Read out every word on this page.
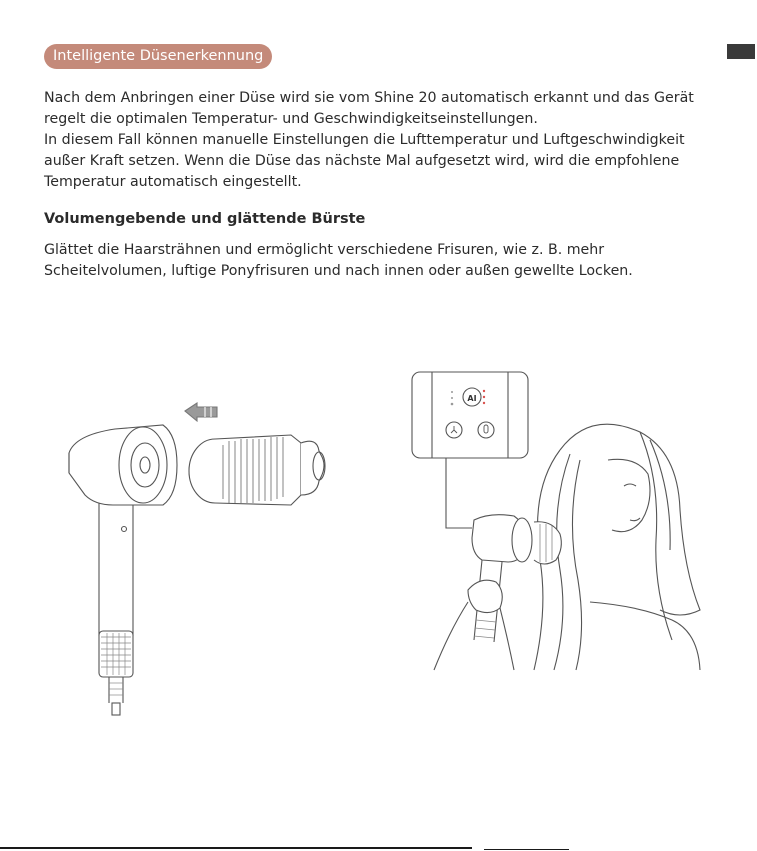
Intelligente Düsenerkennung
Nach dem Anbringen einer Düse wird sie vom Shine 20 automatisch erkannt und das Gerät
regelt die optimalen Temperatur- und Geschwindigkeitseinstellungen.
In diesem Fall können manuelle Einstellungen die Lufttemperatur und Luftgeschwindigkeit
außer Kraft setzen. Wenn die Düse das nächste Mal aufgesetzt wird, wird die empfohlene
Temperatur automatisch eingestellt.
Volumengebende und glättende Bürste
Glättet die Haarsträhnen und ermöglicht verschiedene Frisuren, wie z. B. mehr
Scheitelvolumen, luftige Ponyfrisuren und nach innen oder außen gewellte Locken.
AI
